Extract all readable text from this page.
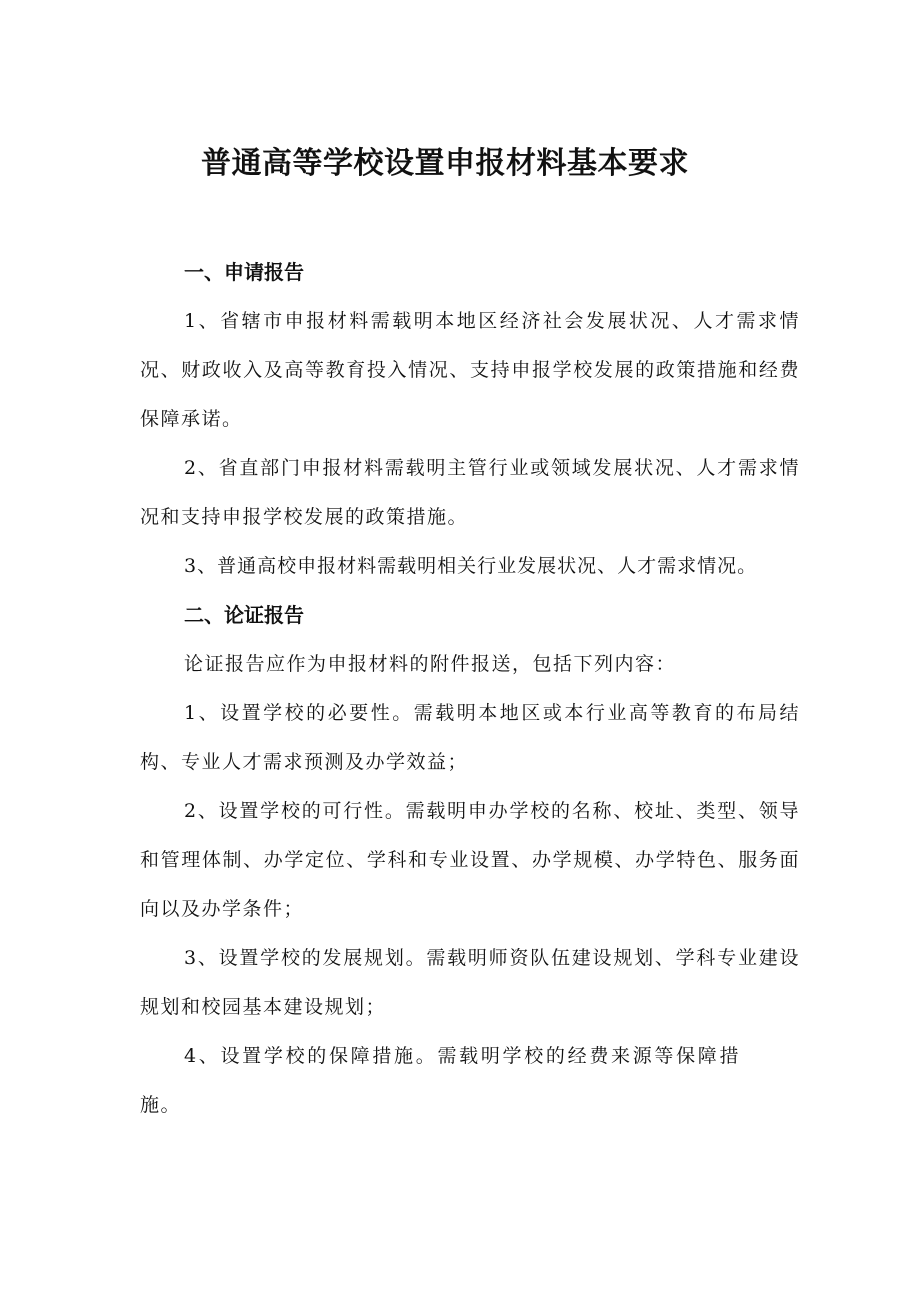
普通高等学校设置申报材料基本要求

一、申请报告

1、省辖市申报材料需载明本地区经济社会发展状况、人才需求情况、财政收入及高等教育投入情况、支持申报学校发展的政策措施和经费保障承诺。

2、省直部门申报材料需载明主管行业或领域发展状况、人才需求情况和支持申报学校发展的政策措施。

3、普通高校申报材料需载明相关行业发展状况、人才需求情况。

二、论证报告

论证报告应作为申报材料的附件报送，包括下列内容：

1、设置学校的必要性。需载明本地区或本行业高等教育的布局结构、专业人才需求预测及办学效益；

2、设置学校的可行性。需载明申办学校的名称、校址、类型、领导和管理体制、办学定位、学科和专业设置、办学规模、办学特色、服务面向以及办学条件；

3、设置学校的发展规划。需载明师资队伍建设规划、学科专业建设规划和校园基本建设规划；

4、设置学校的保障措施。需载明学校的经费来源等保障措施。
